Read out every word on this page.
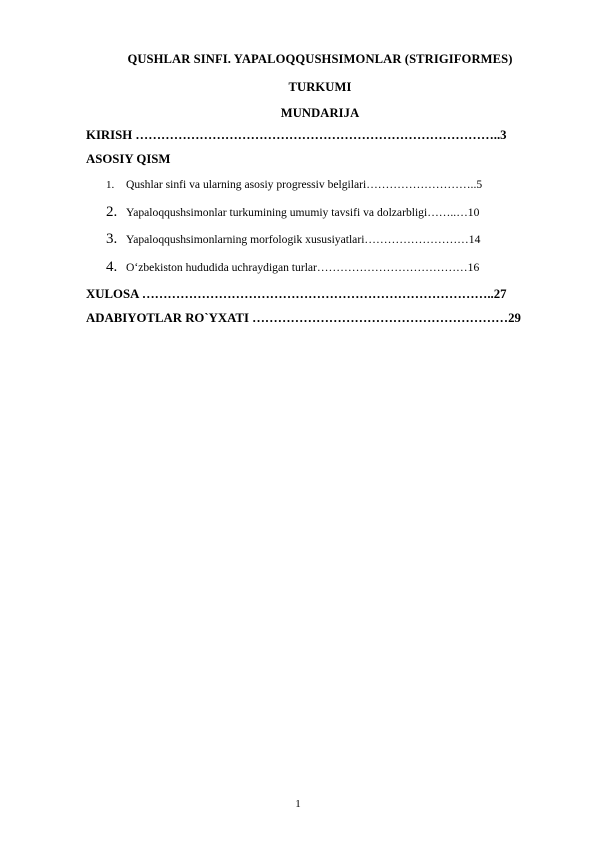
QUSHLAR SINFI. YAPALOQQUSHSIMONLAR (STRIGIFORMES)
TURKUMI
MUNDARIJA
KIRISH …………………………………………………………………………..3
ASOSIY QISM
1. Qushlar sinfi va ularning asosiy progressiv belgilari………………………..5
2. Yapaloqqushsimonlar turkumining umumiy tavsifi va dolzarbligi……..…10
3. Yapaloqqushsimonlarning morfologik xususiyatlari………………………14
4. O‘zbekiston hududida uchraydigan turlar…………………………………16
XULOSA ………………………………………………………………………..27
ADABIYOTLAR RO`YXATI ……………………………………………………29
1
